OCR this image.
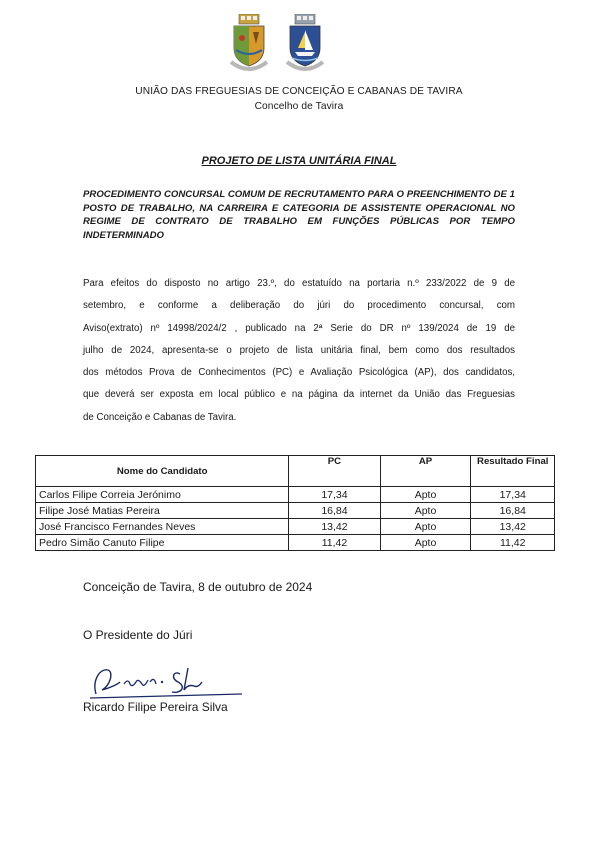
UNIÃO DAS FREGUESIAS DE CONCEIÇÃO E CABANAS DE TAVIRA
Concelho de Tavira
PROJETO DE LISTA UNITÁRIA FINAL
PROCEDIMENTO CONCURSAL COMUM DE RECRUTAMENTO PARA O PREENCHIMENTO DE 1 POSTO DE TRABALHO, NA CARREIRA E CATEGORIA DE ASSISTENTE OPERACIONAL NO REGIME DE CONTRATO DE TRABALHO EM FUNÇÕES PÚBLICAS POR TEMPO INDETERMINADO
Para efeitos do disposto no artigo 23.º, do estatuído na portaria n.º 233/2022 de 9 de
setembro, e conforme a deliberação do júri do procedimento concursal, com
Aviso(extrato) nº 14998/2024/2 , publicado na 2ª Serie do DR nº 139/2024 de 19 de
julho de 2024, apresenta-se o projeto de lista unitária final, bem como dos resultados
dos métodos Prova de Conhecimentos (PC) e Avaliação Psicológica (AP), dos candidatos,
que deverá ser exposta em local público e na página da internet da União das Freguesias
de Conceição e Cabanas de Tavira.
Nome do Candidato	PC	AP	Resultado Final
Carlos Filipe Correia Jerónimo	17,34	Apto	17,34
Filipe José Matias Pereira	16,84	Apto	16,84
José Francisco Fernandes Neves	13,42	Apto	13,42
Pedro Simão Canuto Filipe	11,42	Apto	11,42
Conceição de Tavira, 8 de outubro de 2024
O Presidente do Júri
Ricardo Filipe Pereira Silva
